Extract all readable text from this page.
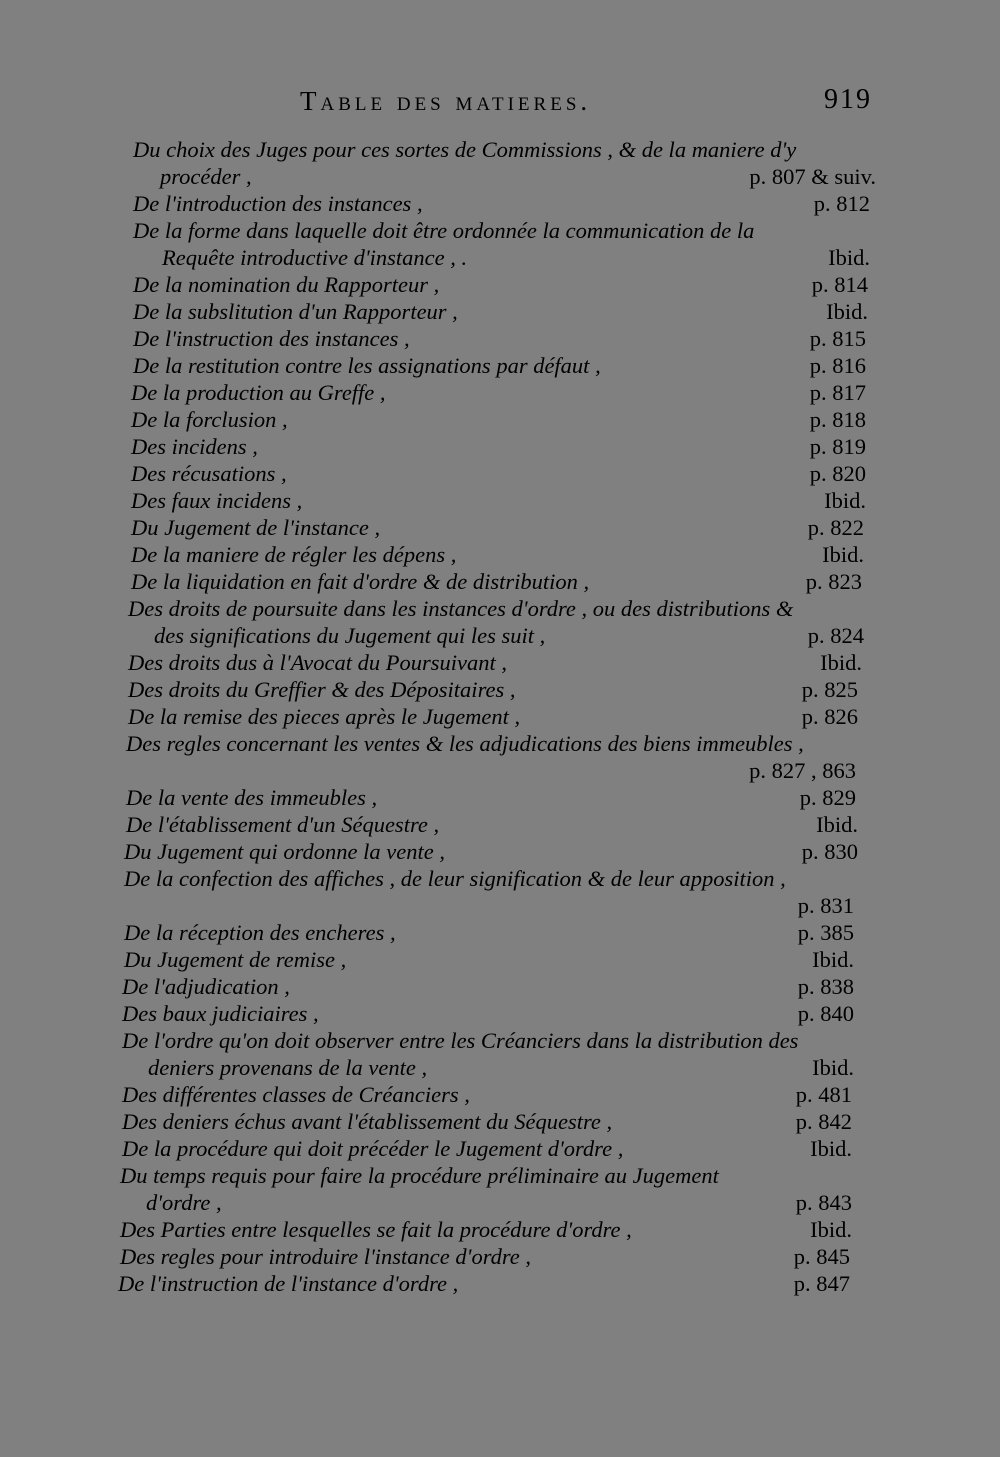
Table des matieres.	919
Du choix des Juges pour ces sortes de Commissions , & de la maniere d'y
procéder ,	p. 807 & suiv.
De l'introduction des instances ,	p. 812
De la forme dans laquelle doit être ordonnée la communication de la
Requête introductive d'instance , .	Ibid.
De la nomination du Rapporteur ,	p. 814
De la subslitution d'un Rapporteur ,	Ibid.
De l'instruction des instances ,	p. 815
De la restitution contre les assignations par défaut ,	p. 816
De la production au Greffe ,	p. 817
De la forclusion ,	p. 818
Des incidens ,	p. 819
Des récusations ,	p. 820
Des faux incidens ,	Ibid.
Du Jugement de l'instance ,	p. 822
De la maniere de régler les dépens ,	Ibid.
De la liquidation en fait d'ordre & de distribution ,	p. 823
Des droits de poursuite dans les instances d'ordre , ou des distributions &
des significations du Jugement qui les suit ,	p. 824
Des droits dus à l'Avocat du Poursuivant ,	Ibid.
Des droits du Greffier & des Dépositaires ,	p. 825
De la remise des pieces après le Jugement ,	p. 826
Des regles concernant les ventes & les adjudications des biens immeubles ,
p. 827 , 863
De la vente des immeubles ,	p. 829
De l'établissement d'un Séquestre ,	Ibid.
Du Jugement qui ordonne la vente ,	p. 830
De la confection des affiches , de leur signification & de leur apposition ,
p. 831
De la réception des encheres ,	p. 385
Du Jugement de remise ,	Ibid.
De l'adjudication ,	p. 838
Des baux judiciaires ,	p. 840
De l'ordre qu'on doit observer entre les Créanciers dans la distribution des
deniers provenans de la vente ,	Ibid.
Des différentes classes de Créanciers ,	p. 481
Des deniers échus avant l'établissement du Séquestre ,	p. 842
De la procédure qui doit précéder le Jugement d'ordre ,	Ibid.
Du temps requis pour faire la procédure préliminaire au Jugement
d'ordre ,	p. 843
Des Parties entre lesquelles se fait la procédure d'ordre ,	Ibid.
Des regles pour introduire l'instance d'ordre ,	p. 845
De l'instruction de l'instance d'ordre ,	p. 847
